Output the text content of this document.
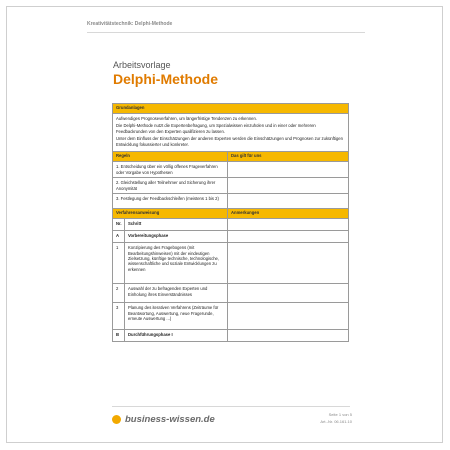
Kreativitätstechnik: Delphi-Methode
Arbeitsvorlage
Delphi-Methode
Grundanlagen		

Aufwendiges Prognoseverfahren, um längerfristige Tendenzen zu erkennen.

Die Delphi-Methode nutzt die Expertenbefragung, um Spezialwissen einzuholen und in einer oder mehreren Feedbackrunden von den Experten qualifizieren zu lassen.

Unter dem Einfluss der Einschätzungen der anderen Experten werden die Einschätzungen und Prognosen zur zukünftigen Entwicklung fokussierter und konkreter.		

Regeln		Das gilt für uns
1. Entscheidung über ein völlig offenes Frageverfahren oder Vorgabe von Hypothesen		
2. Gleichstellung aller Teilnehmer und Sicherung ihrer Anonymität		
3. Festlegung der Feedbackschleifen (meistens 1 bis 2)		
Verfahrensanweisung		Anmerkungen
Nr.	Schritt	
A	Vorbereitungsphase	
1	Konzipierung des Fragebogens (mit Bearbeitungshinweisen) mit der eindeutigen Zielsetzung, künftige technische, technologische, wissenschaftliche und soziale Entwicklungen zu erkennen	
2	Auswahl der zu befragenden Experten und Einholung ihres Einverständnisses	
3	Planung des iterativen Verfahrens (Zeiträume für Beantwortung, Auswertung, neue Fragerunde, erneute Auswertung ...)	
B	Durchführungsphase I	
business-wissen.de	Seite 1 von 5
Art.-Nr. 06.161.10
